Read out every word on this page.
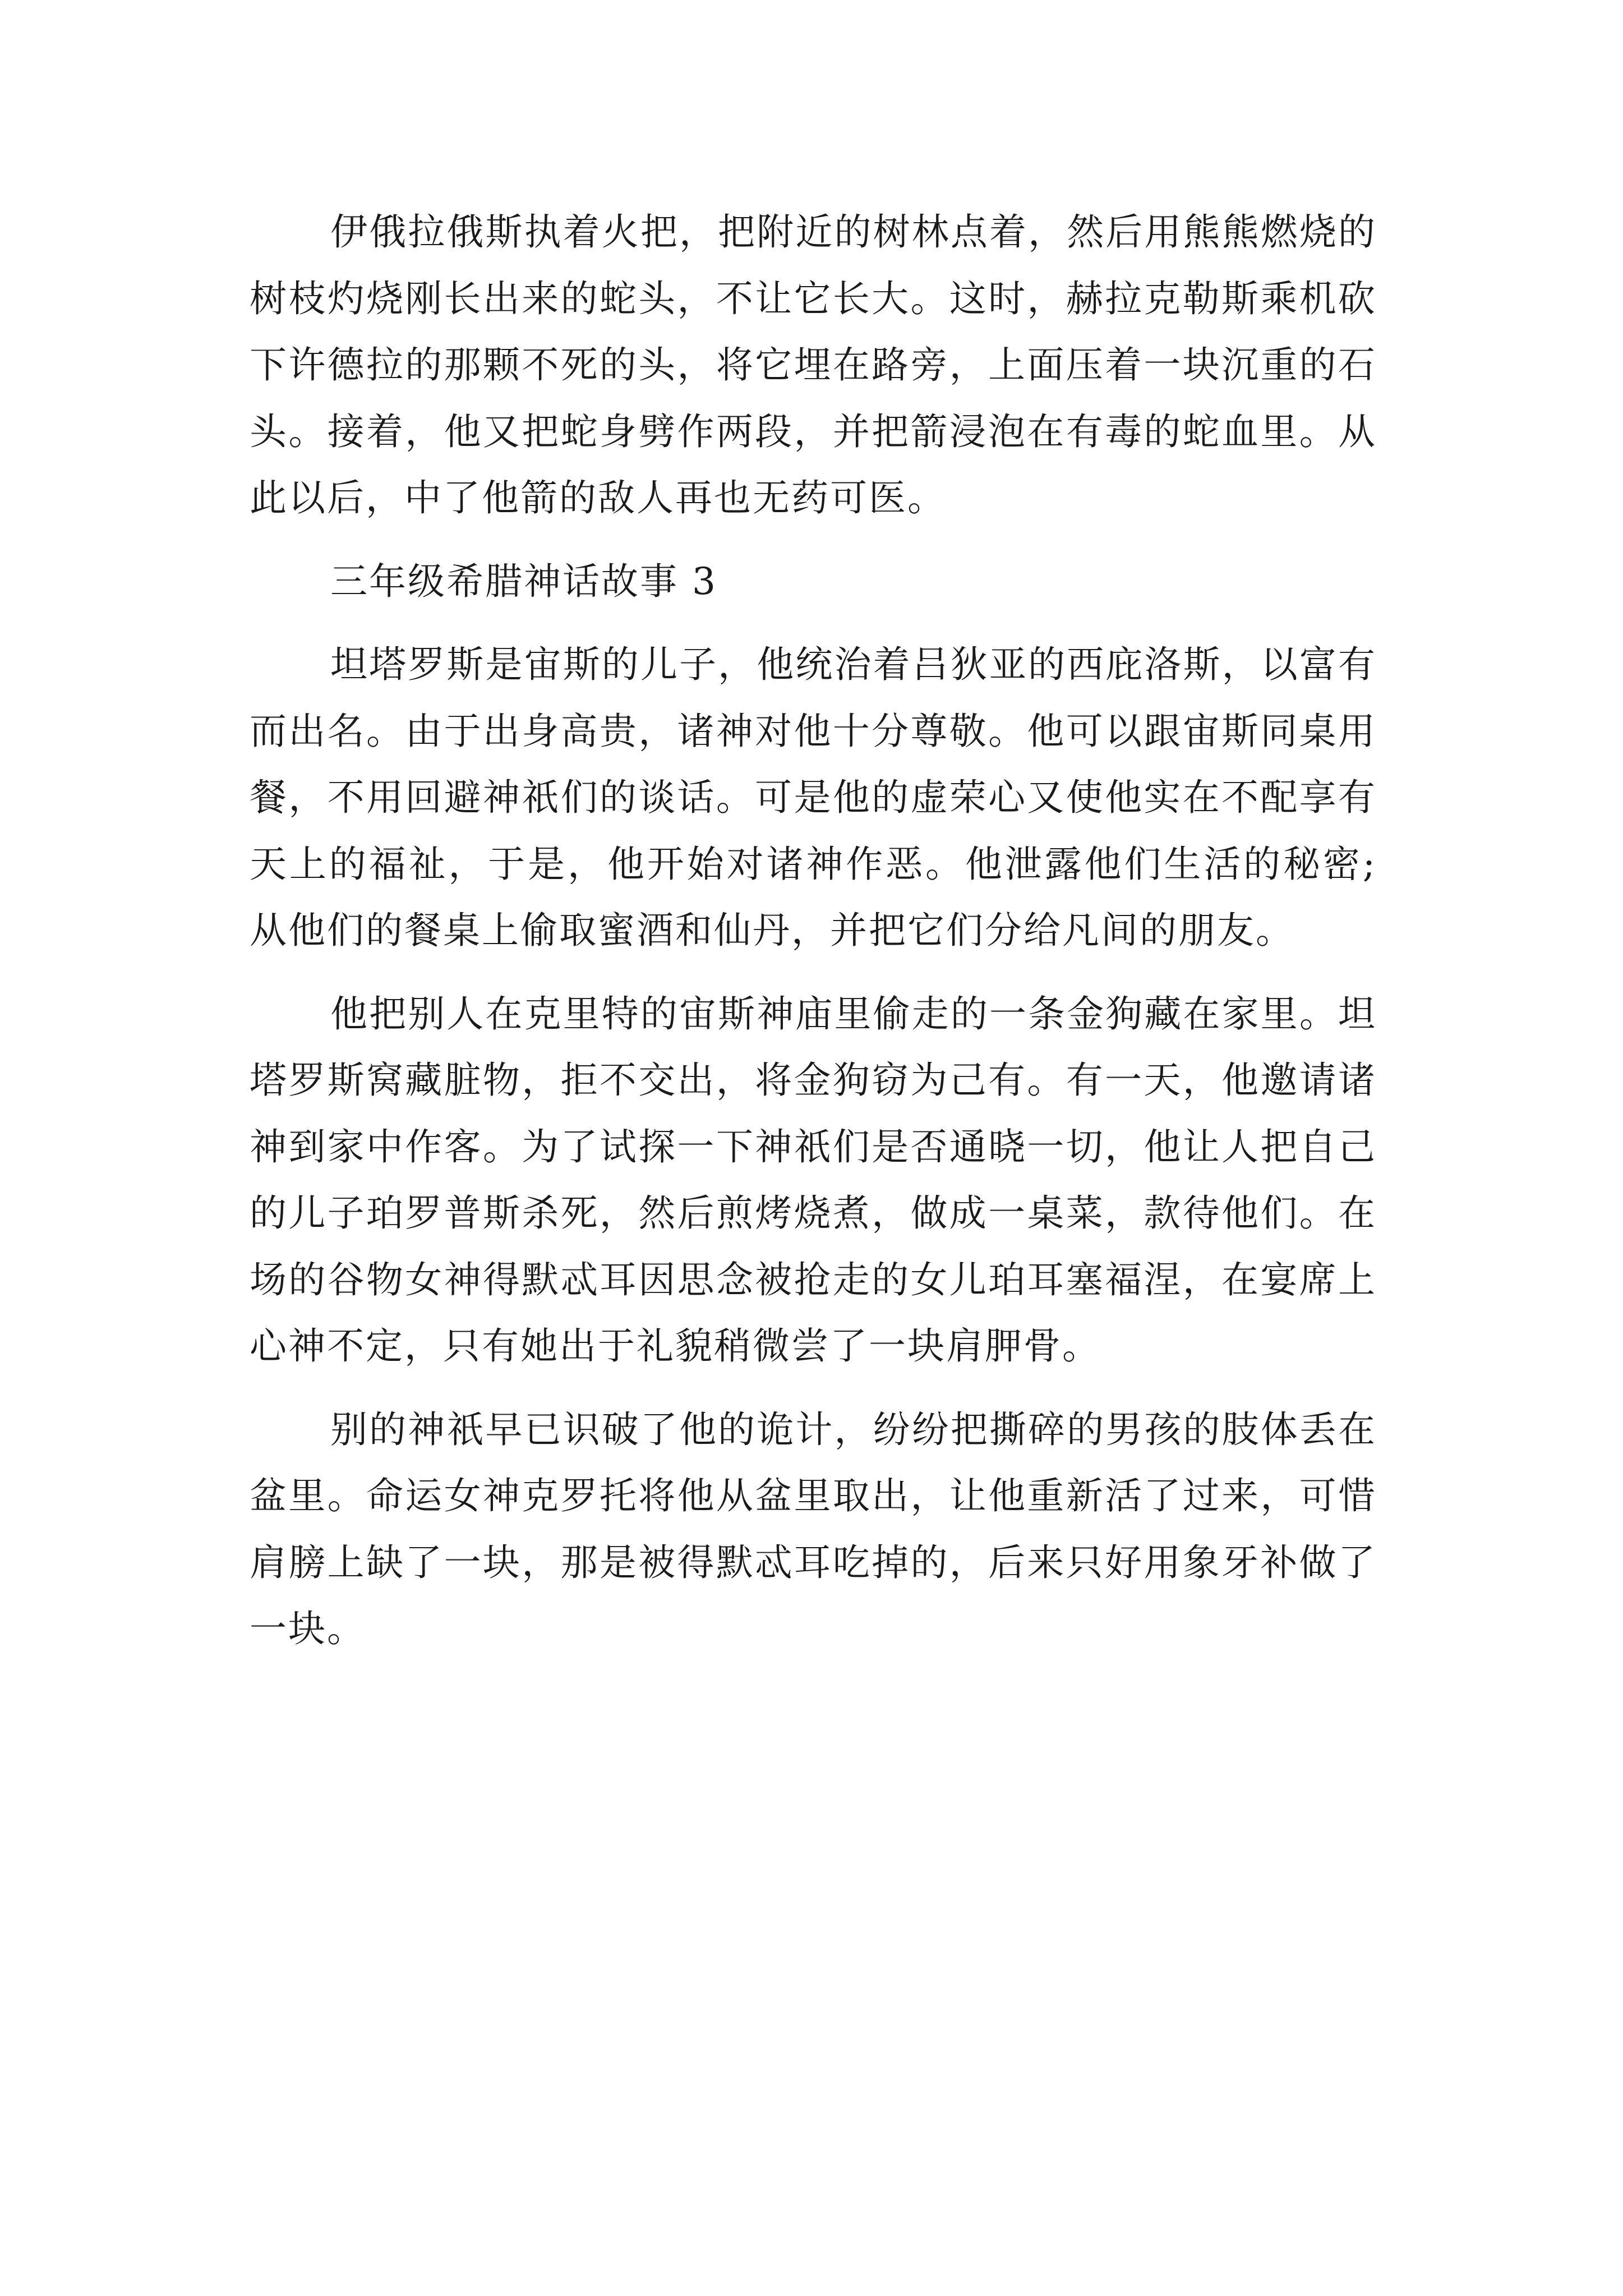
伊俄拉俄斯执着火把，把附近的树林点着，然后用熊熊燃烧的树枝灼烧刚长出来的蛇头，不让它长大。这时，赫拉克勒斯乘机砍下许德拉的那颗不死的头，将它埋在路旁，上面压着一块沉重的石头。接着，他又把蛇身劈作两段，并把箭浸泡在有毒的蛇血里。从此以后，中了他箭的敌人再也无药可医。

三年级希腊神话故事 3

坦塔罗斯是宙斯的儿子，他统治着吕狄亚的西庇洛斯，以富有而出名。由于出身高贵，诸神对他十分尊敬。他可以跟宙斯同桌用餐，不用回避神祇们的谈话。可是他的虚荣心又使他实在不配享有天上的福祉，于是，他开始对诸神作恶。他泄露他们生活的秘密;从他们的餐桌上偷取蜜酒和仙丹，并把它们分给凡间的朋友。

他把别人在克里特的宙斯神庙里偷走的一条金狗藏在家里。坦塔罗斯窝藏脏物，拒不交出，将金狗窃为己有。有一天，他邀请诸神到家中作客。为了试探一下神祇们是否通晓一切，他让人把自己的儿子珀罗普斯杀死，然后煎烤烧煮，做成一桌菜，款待他们。在场的谷物女神得默忒耳因思念被抢走的女儿珀耳塞福涅，在宴席上心神不定，只有她出于礼貌稍微尝了一块肩胛骨。

别的神祇早已识破了他的诡计，纷纷把撕碎的男孩的肢体丢在盆里。命运女神克罗托将他从盆里取出，让他重新活了过来，可惜肩膀上缺了一块，那是被得默忒耳吃掉的，后来只好用象牙补做了一块。
